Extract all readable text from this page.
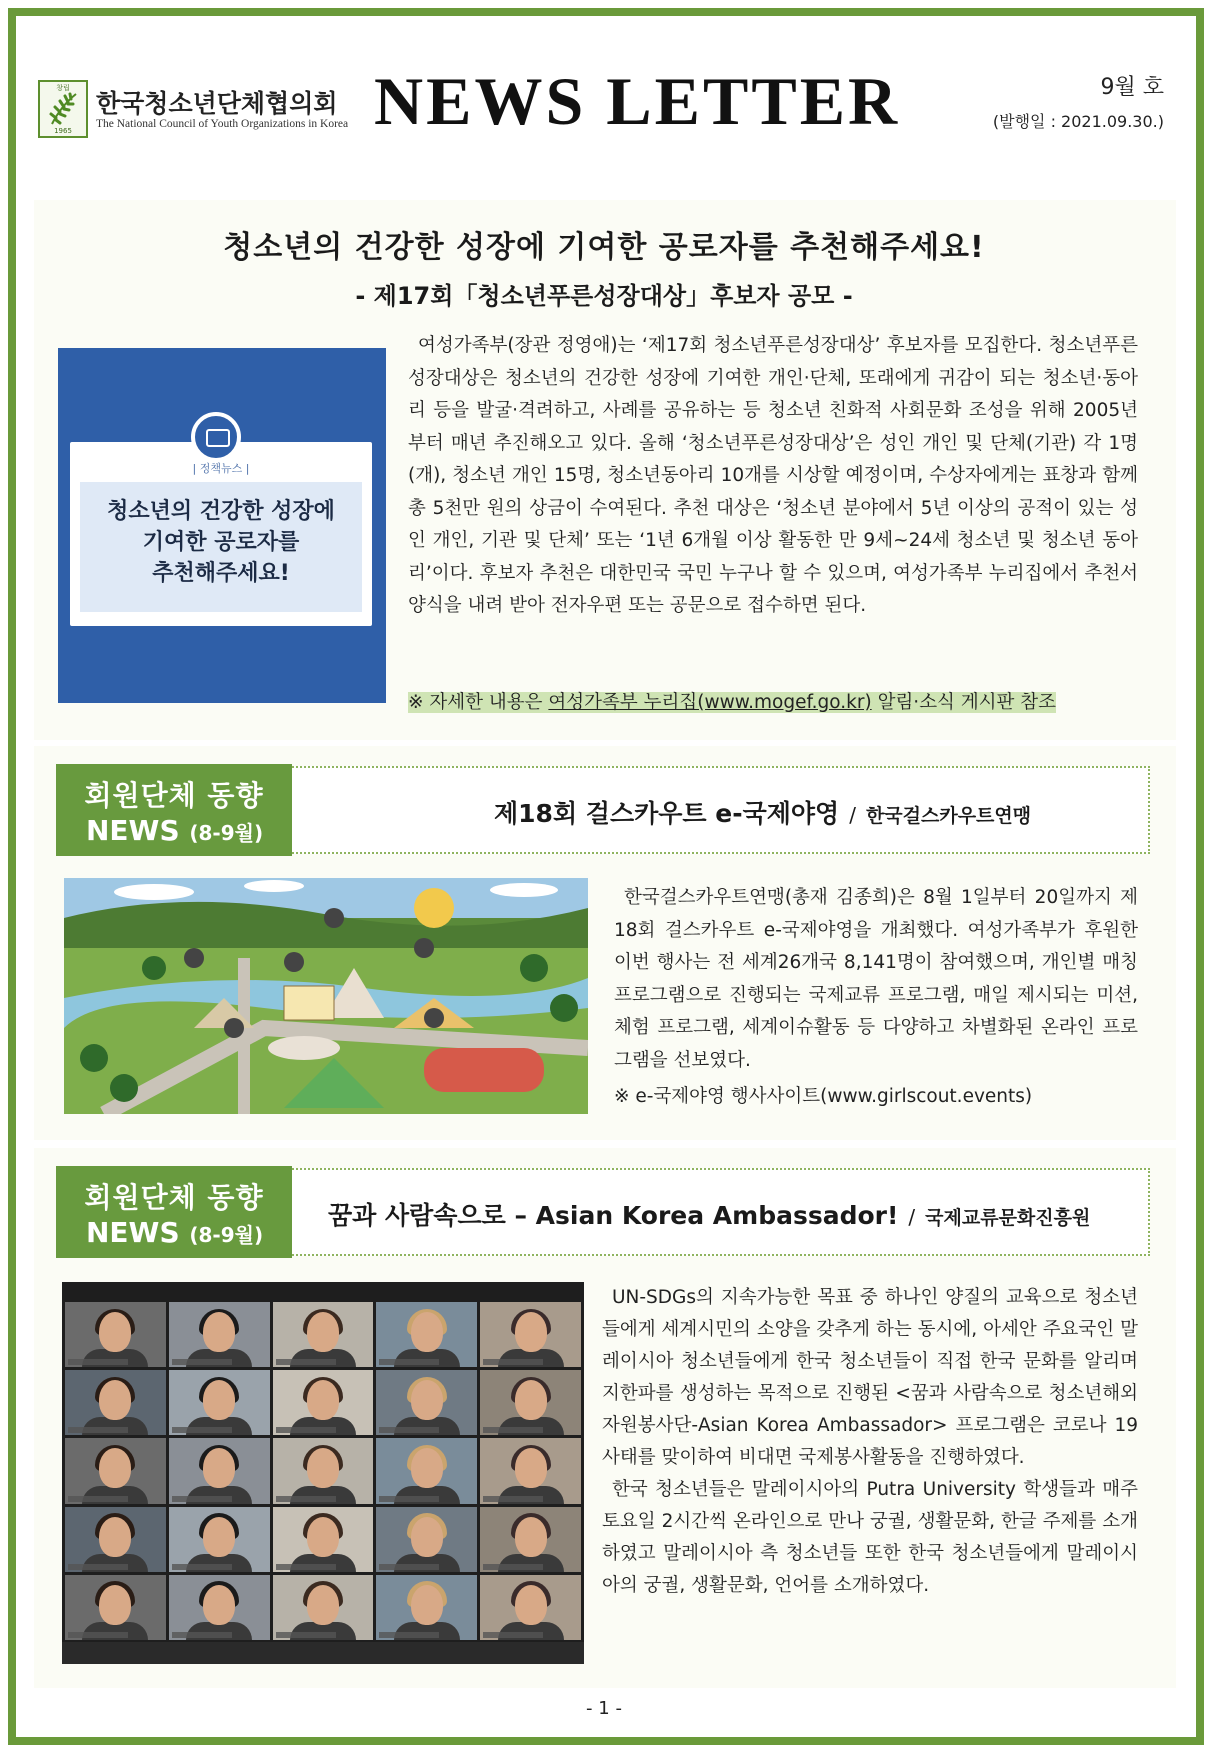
창립
1965
한국청소년단체협의회
The National Council of Youth Organizations in Korea NEWS LETTER	9월 호
(발행일 : 2021.09.30.)
청소년의 건강한 성장에 기여한 공로자를 추천해주세요!
- 제17회「청소년푸른성장대상」후보자 공모 -
| 정책뉴스 |
청소년의 건강한 성장에
기여한 공로자를
추천해주세요!

여성가족부(장관 정영애)는 ‘제17회 청소년푸른성장대상’ 후보자를 모집한다. 청소년푸른성장대상은 청소년의 건강한 성장에 기여한 개인·단체, 또래에게 귀감이 되는 청소년·동아리 등을 발굴·격려하고, 사례를 공유하는 등 청소년 친화적 사회문화 조성을 위해 2005년부터 매년 추진해오고 있다. 올해 ‘청소년푸른성장대상’은 성인 개인 및 단체(기관) 각 1명(개), 청소년 개인 15명, 청소년동아리 10개를 시상할 예정이며, 수상자에게는 표창과 함께 총 5천만 원의 상금이 수여된다. 추천 대상은 ‘청소년 분야에서 5년 이상의 공적이 있는 성인 개인, 기관 및 단체’ 또는 ‘1년 6개월 이상 활동한 만 9세~24세 청소년 및 청소년 동아리’이다. 후보자 추천은 대한민국 국민 누구나 할 수 있으며, 여성가족부 누리집에서 추천서 양식을 내려 받아 전자우편 또는 공문으로 접수하면 된다.

※ 자세한 내용은 여성가족부 누리집(www.mogef.go.kr) 알림·소식 게시판 참조
회원단체 동향
NEWS (8-9월)
제18회 걸스카우트 e-국제야영 / 한국걸스카우트연맹

한국걸스카우트연맹(총재 김종희)은 8월 1일부터 20일까지 제18회 걸스카우트 e-국제야영을 개최했다. 여성가족부가 후원한 이번 행사는 전 세계26개국 8,141명이 참여했으며, 개인별 매칭프로그램으로 진행되는 국제교류 프로그램, 매일 제시되는 미션, 체험 프로그램, 세계이슈활동 등 다양하고 차별화된 온라인 프로그램을 선보였다.

※ e-국제야영 행사사이트(www.girlscout.events)
회원단체 동향
NEWS (8-9월)
꿈과 사람속으로 – Asian Korea Ambassador! / 국제교류문화진흥원

UN-SDGs의 지속가능한 목표 중 하나인 양질의 교육으로 청소년들에게 세계시민의 소양을 갖추게 하는 동시에, 아세안 주요국인 말레이시아 청소년들에게 한국 청소년들이 직접 한국 문화를 알리며 지한파를 생성하는 목적으로 진행된 <꿈과 사람속으로 청소년해외자원봉사단-Asian Korea Ambassador> 프로그램은 코로나 19 사태를 맞이하여 비대면 국제봉사활동을 진행하였다.

한국 청소년들은 말레이시아의 Putra University 학생들과 매주 토요일 2시간씩 온라인으로 만나 궁궐, 생활문화, 한글 주제를 소개하였고 말레이시아 측 청소년들 또한 한국 청소년들에게 말레이시아의 궁궐, 생활문화, 언어를 소개하였다.

- 1 -
